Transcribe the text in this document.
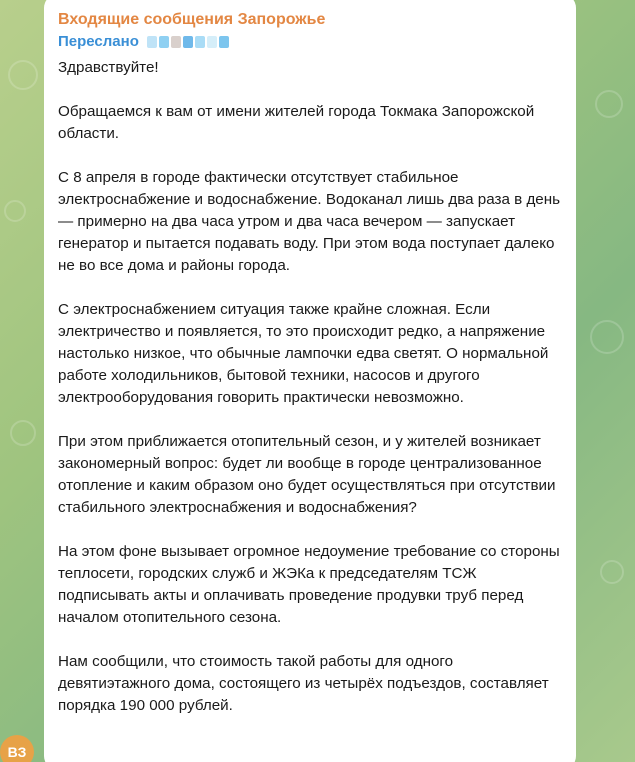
Входящие сообщения Запорожье
Переслано

Здравствуйте!

Обращаемся к вам от имени жителей города Токмака Запорожской области.

С 8 апреля в городе фактически отсутствует стабильное электроснабжение и водоснабжение. Водоканал лишь два раза в день — примерно на два часа утром и два часа вечером — запускает генератор и пытается подавать воду. При этом вода поступает далеко не во все дома и районы города.

С электроснабжением ситуация также крайне сложная. Если электричество и появляется, то это происходит редко, а напряжение настолько низкое, что обычные лампочки едва светят. О нормальной работе холодильников, бытовой техники, насосов и другого электрооборудования говорить практически невозможно.

При этом приближается отопительный сезон, и у жителей возникает закономерный вопрос: будет ли вообще в городе централизованное отопление и каким образом оно будет осуществляться при отсутствии стабильного электроснабжения и водоснабжения?

На этом фоне вызывает огромное недоумение требование со стороны теплосети, городских служб и ЖЭКа к председателям ТСЖ подписывать акты и оплачивать проведение продувки труб перед началом отопительного сезона.

Нам сообщили, что стоимость такой работы для одного девятиэтажного дома, состоящего из четырёх подъездов, составляет порядка 190 000 рублей.

ВЗ
